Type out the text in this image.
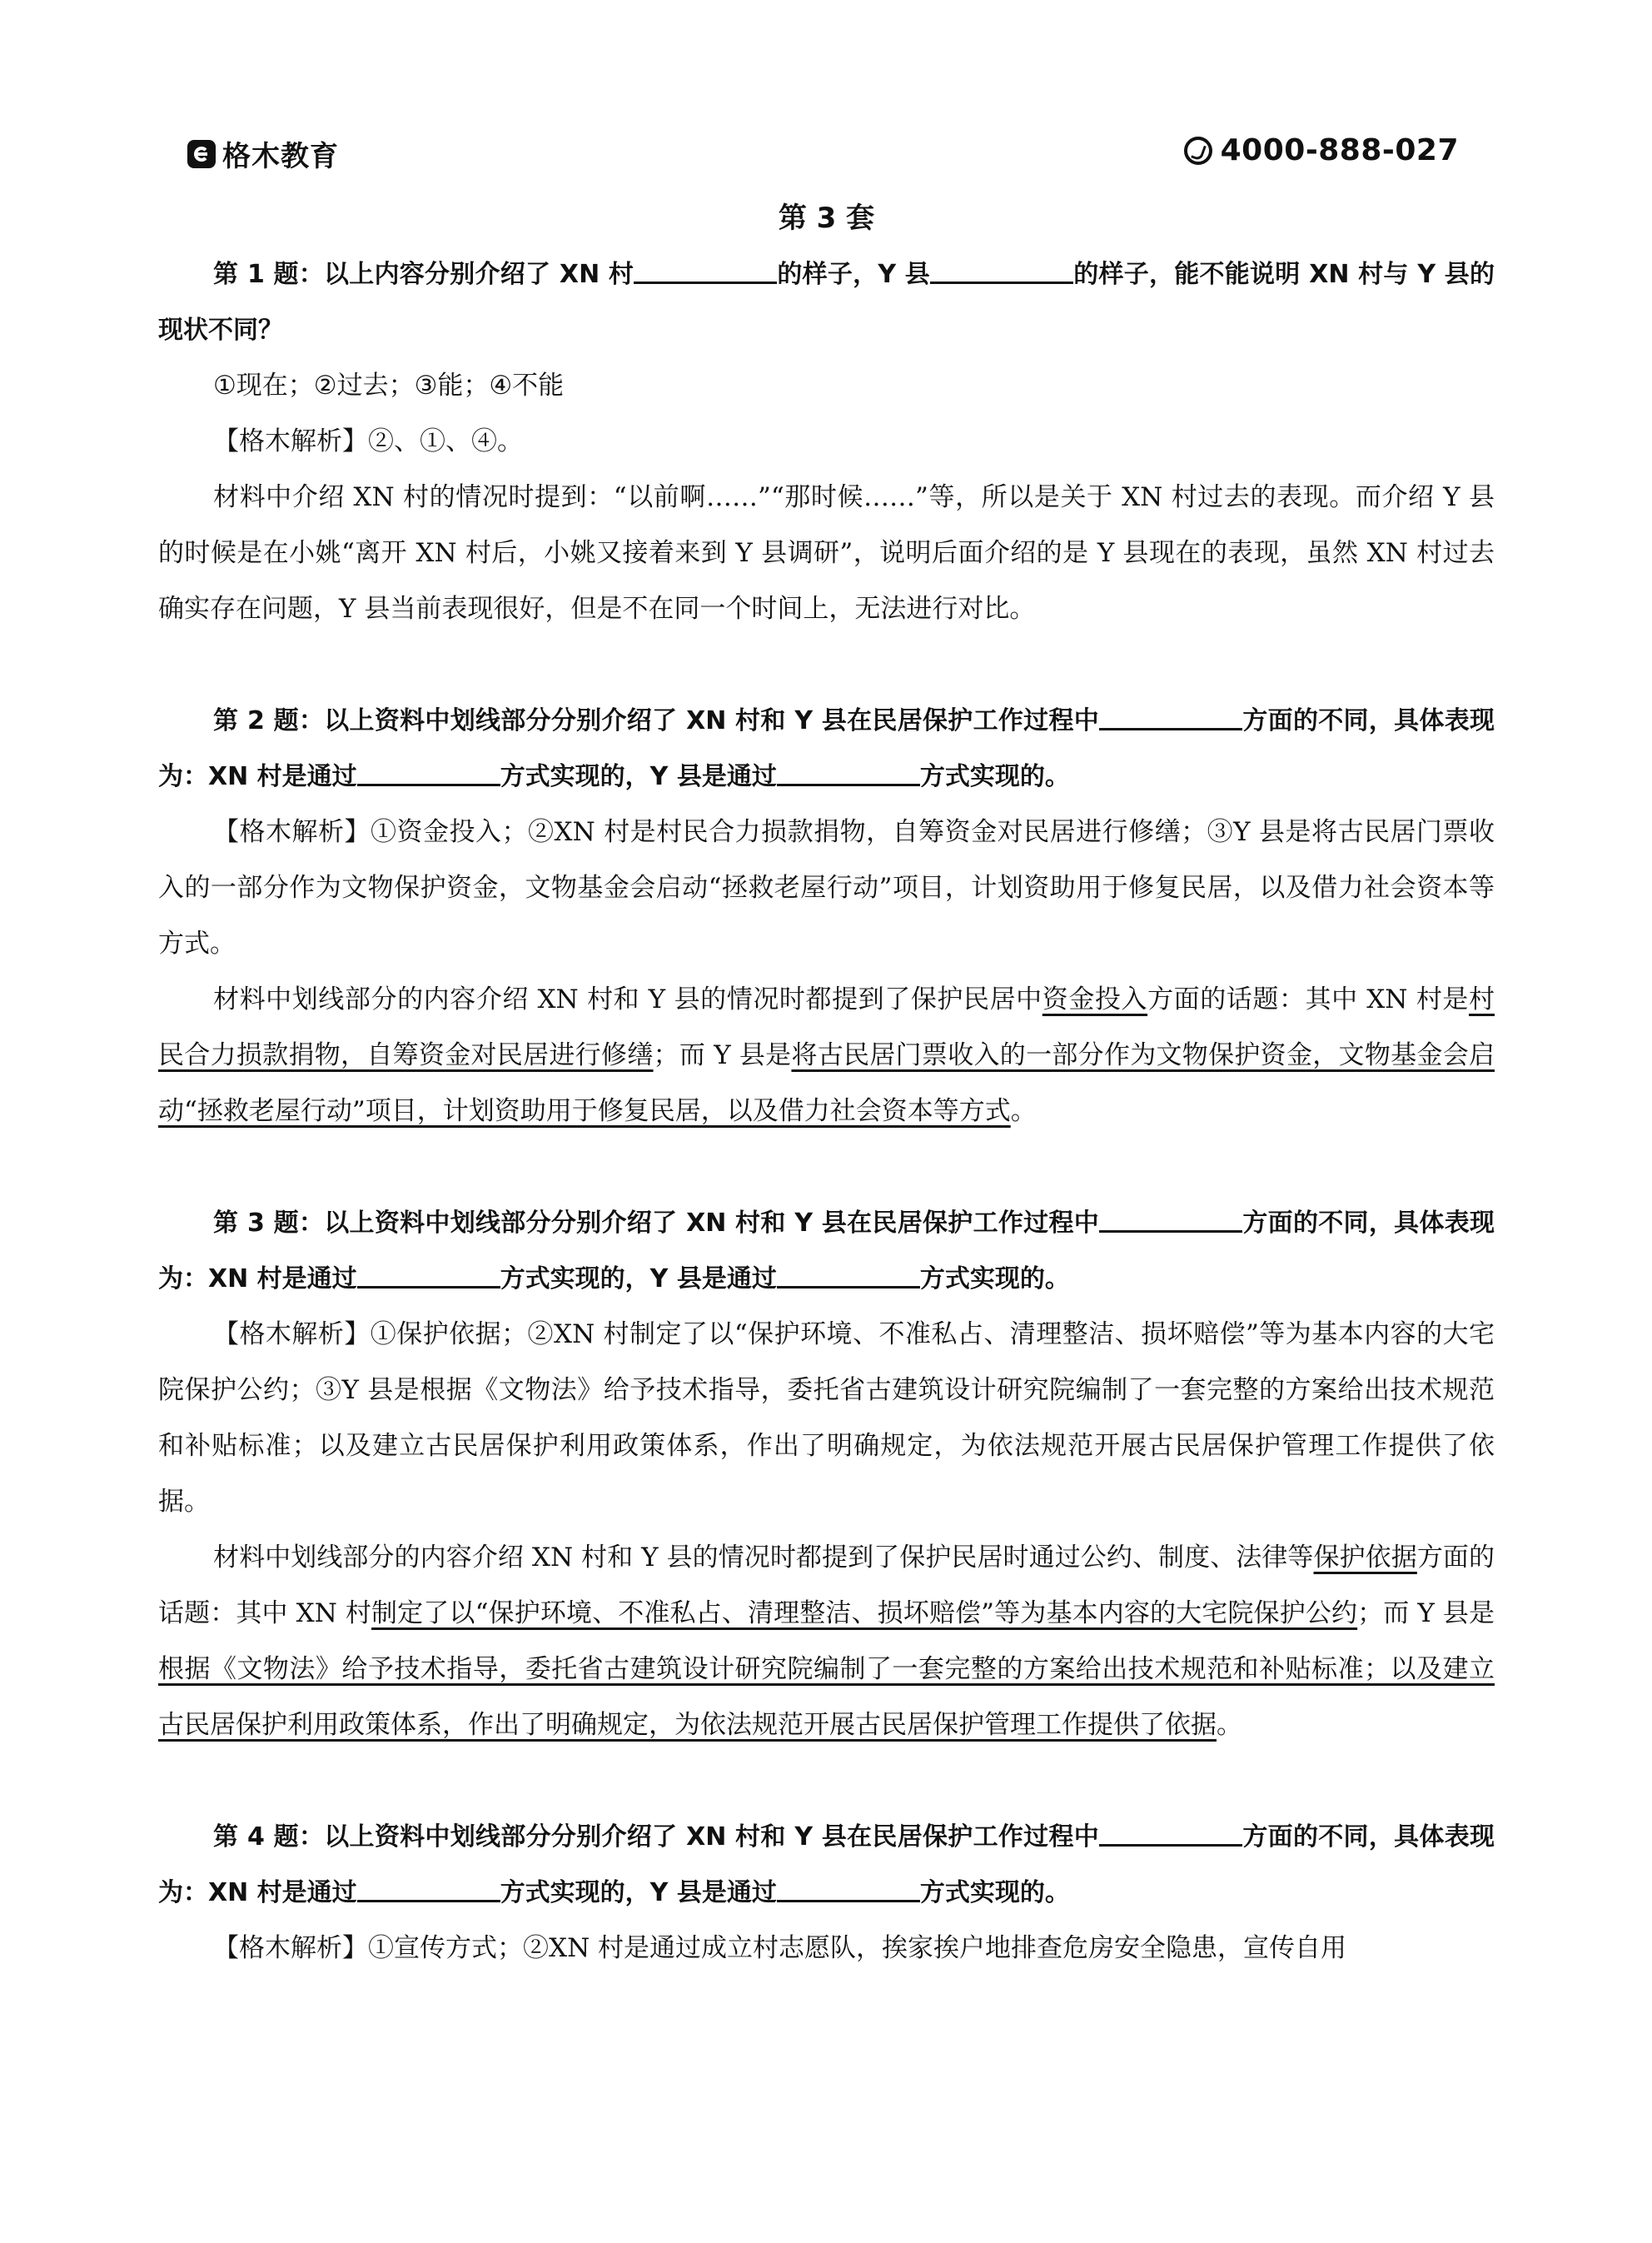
格木教育	4000-888-027
第 3 套

第 1 题：以上内容分别介绍了 XN 村	的样子，Y 县	的样子，能不能说明 XN 村与 Y 县的现状不同？

①现在；②过去；③能；④不能

【格木解析】②、①、④。

材料中介绍 XN 村的情况时提到：“以前啊……”“那时候……”等，所以是关于 XN 村过去的表现。而介绍 Y 县的时候是在小姚“离开 XN 村后，小姚又接着来到 Y 县调研”，说明后面介绍的是 Y 县现在的表现，虽然 XN 村过去确实存在问题，Y 县当前表现很好，但是不在同一个时间上，无法进行对比。

第 2 题：以上资料中划线部分分别介绍了 XN 村和 Y 县在民居保护工作过程中	方面的不同，具体表现为：XN 村是通过	方式实现的，Y 县是通过	方式实现的。

【格木解析】①资金投入；②XN 村是村民合力损款捐物，自筹资金对民居进行修缮；③Y 县是将古民居门票收入的一部分作为文物保护资金，文物基金会启动“拯救老屋行动”项目，计划资助用于修复民居，以及借力社会资本等方式。

材料中划线部分的内容介绍 XN 村和 Y 县的情况时都提到了保护民居中资金投入方面的话题：其中 XN 村是村民合力损款捐物，自筹资金对民居进行修缮；而 Y 县是将古民居门票收入的一部分作为文物保护资金，文物基金会启动“拯救老屋行动”项目，计划资助用于修复民居，以及借力社会资本等方式。

第 3 题：以上资料中划线部分分别介绍了 XN 村和 Y 县在民居保护工作过程中	方面的不同，具体表现为：XN 村是通过	方式实现的，Y 县是通过	方式实现的。

【格木解析】①保护依据；②XN 村制定了以“保护环境、不准私占、清理整洁、损坏赔偿”等为基本内容的大宅院保护公约；③Y 县是根据《文物法》给予技术指导，委托省古建筑设计研究院编制了一套完整的方案给出技术规范和补贴标准；以及建立古民居保护利用政策体系，作出了明确规定，为依法规范开展古民居保护管理工作提供了依据。

材料中划线部分的内容介绍 XN 村和 Y 县的情况时都提到了保护民居时通过公约、制度、法律等保护依据方面的话题：其中 XN 村制定了以“保护环境、不准私占、清理整洁、损坏赔偿”等为基本内容的大宅院保护公约；而 Y 县是根据《文物法》给予技术指导，委托省古建筑设计研究院编制了一套完整的方案给出技术规范和补贴标准；以及建立古民居保护利用政策体系，作出了明确规定，为依法规范开展古民居保护管理工作提供了依据。

第 4 题：以上资料中划线部分分别介绍了 XN 村和 Y 县在民居保护工作过程中	方面的不同，具体表现为：XN 村是通过	方式实现的，Y 县是通过	方式实现的。

【格木解析】①宣传方式；②XN 村是通过成立村志愿队，挨家挨户地排查危房安全隐患，宣传自用
